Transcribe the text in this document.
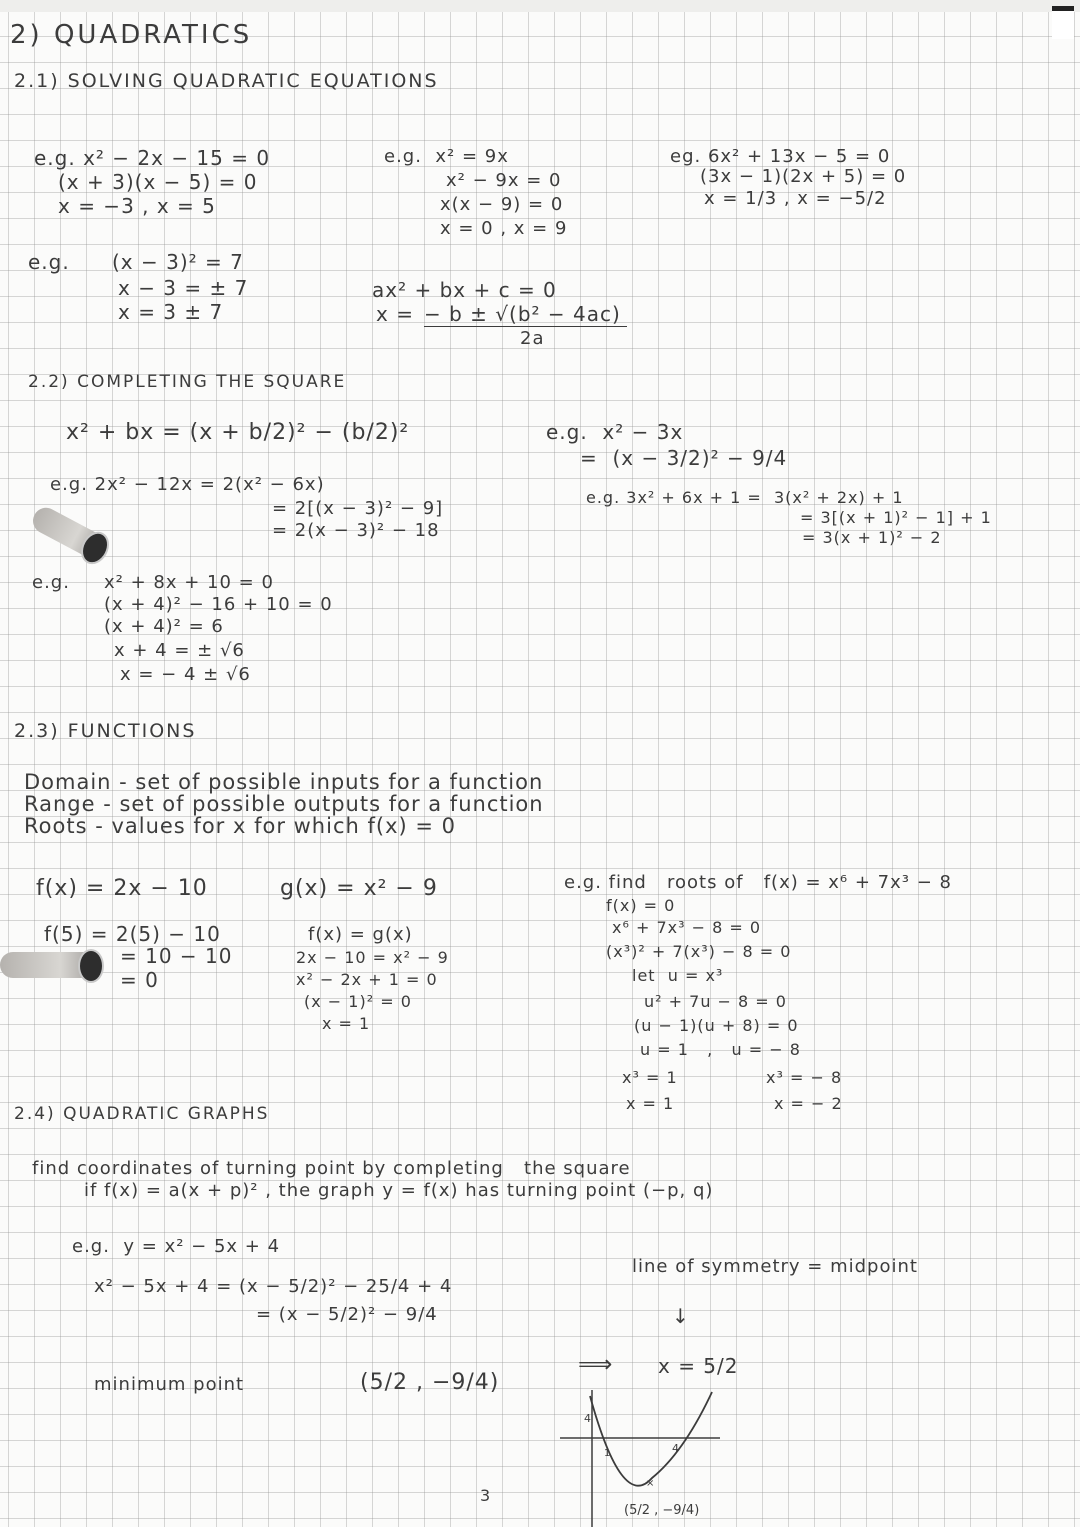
2) QUADRATICS
2.1) SOLVING QUADRATIC EQUATIONS
e.g. x² − 2x − 15 = 0
(x + 3)(x − 5) = 0
x = −3 , x = 5
e.g.  x² = 9x
x² − 9x = 0
x(x − 9) = 0
x = 0 , x = 9
eg. 6x² + 13x − 5 = 0
(3x − 1)(2x + 5) = 0
x = 1/3 , x = −5/2
e.g. (x − 3)² = 7
x − 3 = ± 7
x = 3 ± 7
ax² + bx + c = 0
x = − b ± √(b² − 4ac)
2a
2.2) COMPLETING THE SQUARE
x² + bx = (x + b/2)² − (b/2)²
e.g. 2x² − 12x = 2(x² − 6x)
= 2[(x − 3)² − 9]
= 2(x − 3)² − 18
e.g.  x² − 3x
=  (x − 3/2)² − 9/4
e.g. 3x² + 6x + 1 =  3(x² + 2x) + 1
= 3[(x + 1)² − 1] + 1
= 3(x + 1)² − 2
e.g. x² + 8x + 10 = 0
(x + 4)² − 16 + 10 = 0
(x + 4)² = 6
x + 4 = ± √6
x = − 4 ± √6
2.3) FUNCTIONS
Domain - set of possible inputs for a function
Range - set of possible outputs for a function
Roots - values for x for which f(x) = 0
f(x) = 2x − 10
f(5) = 2(5) − 10
= 10 − 10
= 0
g(x) = x² − 9
f(x) = g(x)
2x − 10 = x² − 9
x² − 2x + 1 = 0
(x − 1)² = 0
x = 1
e.g. find   roots of   f(x) = x⁶ + 7x³ − 8
f(x) = 0
x⁶ + 7x³ − 8 = 0
(x³)² + 7(x³) − 8 = 0
let  u = x³
u² + 7u − 8 = 0
(u − 1)(u + 8) = 0
u = 1   ,   u = − 8
x³ = 1	x³ = − 8
x = 1	x = − 2
2.4) QUADRATIC GRAPHS
find coordinates of turning point by completing   the square
if f(x) = a(x + p)² , the graph y = f(x) has turning point (−p, q)
e.g.  y = x² − 5x + 4
x² − 5x + 4 = (x − 5/2)² − 25/4 + 4
= (x − 5/2)² − 9/4
minimum point	(5/2 , −9/4)
line of symmetry = midpoint
↓
⟹ x = 5/2
4
1	4
×
(5/2 , −9/4)
3
